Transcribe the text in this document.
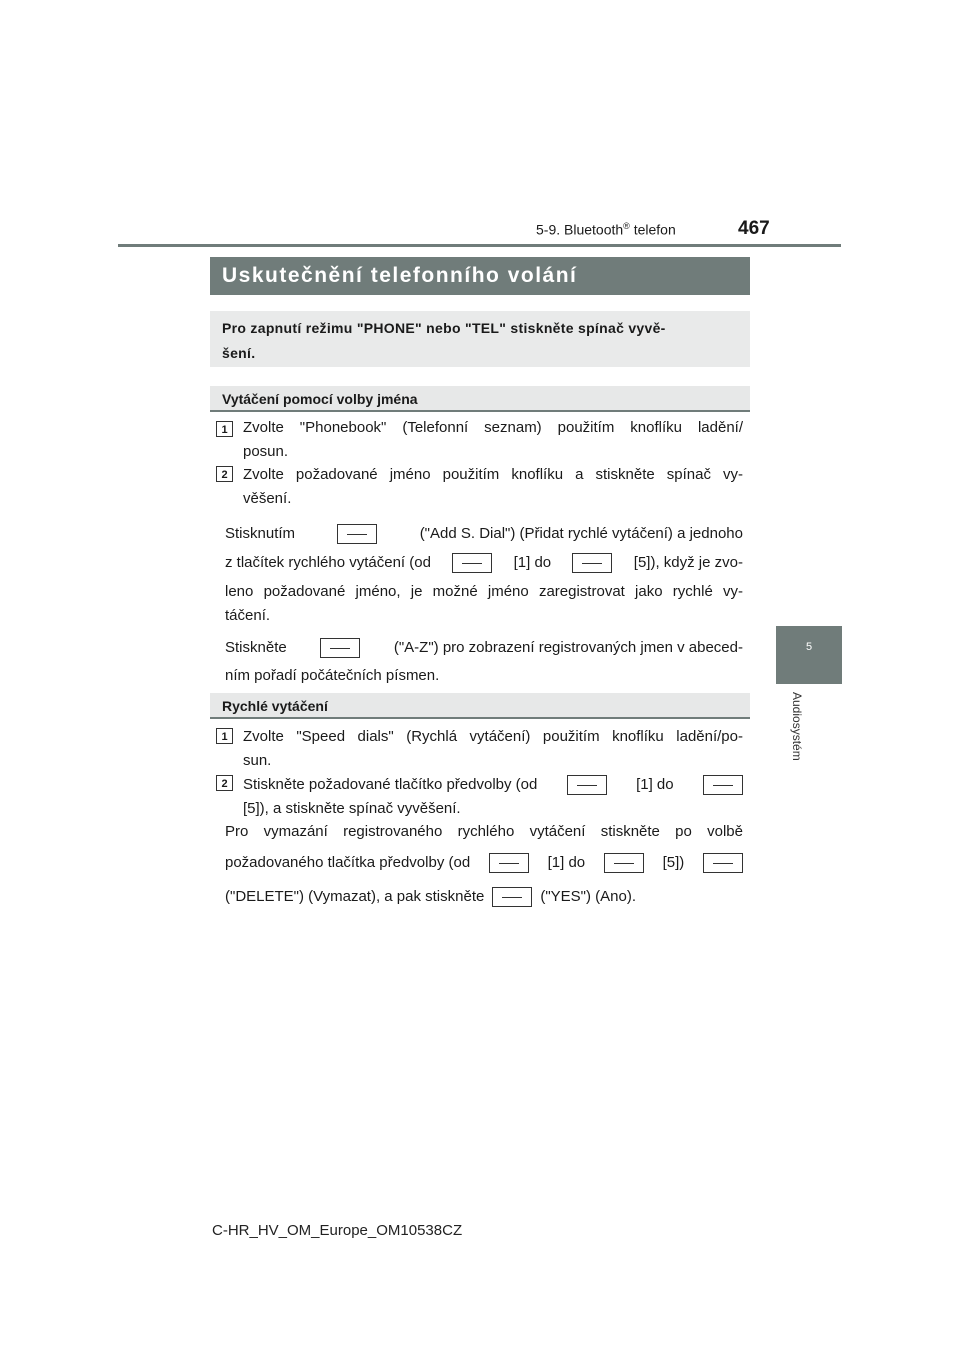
5-9. Bluetooth® telefon	467
5
Audiosystém
Uskutečnění telefonního volání
Pro zapnutí režimu "PHONE" nebo "TEL" stiskněte spínač vyvě-
šení.
Vytáčení pomocí volby jména
1	Zvolte "Phonebook" (Telefonní seznam) použitím knoflíku ladění/
posun.
2	Zvolte požadované jméno použitím knoflíku a stiskněte spínač vy-
věšení.
Stisknutím	("Add S. Dial") (Přidat rychlé vytáčení) a jednoho
z tlačítek rychlého vytáčení (od	[1] do	[5]), když je zvo-
leno požadované jméno, je možné jméno zaregistrovat jako rychlé vy-
táčení.
Stiskněte	("A-Z") pro zobrazení registrovaných jmen v abeced-
ním pořadí počátečních písmen.
Rychlé vytáčení
1	Zvolte "Speed dials" (Rychlá vytáčení) použitím knoflíku ladění/po-
sun.
2	Stiskněte požadované tlačítko předvolby (od	[1] do
[5]), a stiskněte spínač vyvěšení.
Pro vymazání registrovaného rychlého vytáčení stiskněte po volbě
požadovaného tlačítka předvolby (od	[1] do	[5])
("DELETE") (Vymazat), a pak stiskněte	("YES") (Ano).
C-HR_HV_OM_Europe_OM10538CZ
